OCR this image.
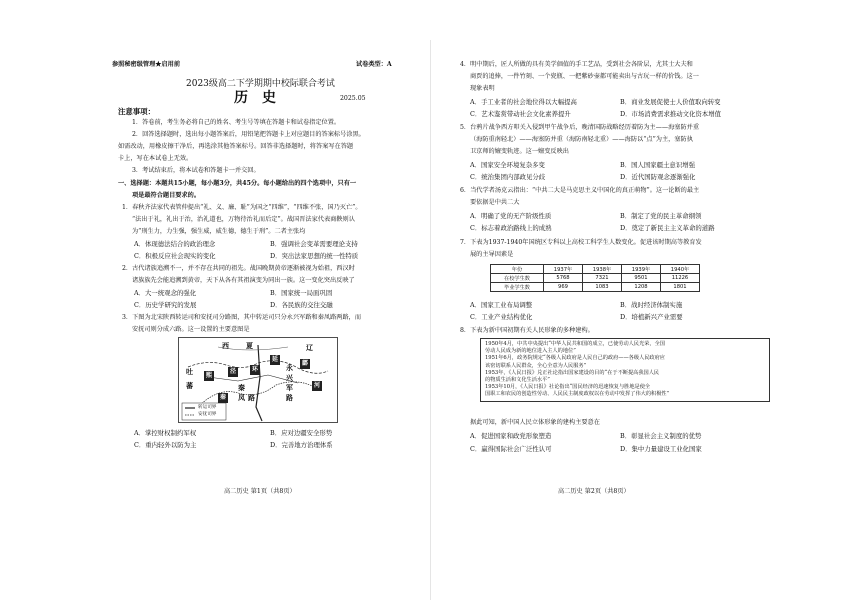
参照秘密级管理★启用前	试卷类型：A
2023级高二下学期期中校际联合考试
历　史	2025.05
注意事项：
1．答卷前，考生务必将自己的姓名、考生号等填在答题卡和试卷指定位置。
2．回答选择题时，选出每小题答案后，用铅笔把答题卡上对应题目的答案标号涂黑。
如需改动，用橡皮擦干净后，再选涂其他答案标号。回答非选择题时，将答案写在答题
卡上，写在本试卷上无效。
3．考试结束后，将本试卷和答题卡一并交回。
一、选择题：本题共15小题，每小题3分，共45分。每小题给出的四个选项中，只有一
项是最符合题目要求的。
1．春秋齐法家代表管仲提出“礼、义、廉、耻”为国之“四维”，“四维不张，国乃灭亡”。
“法出于礼，礼出于治，治礼道也，万物待治礼而后定”。战国晋法家代表商鞅则认
为“刑生力，力生强，强生威，威生德，德生于刑”。二者主张均
A．体现德法结合的政治理念	B．强调社会变革需要理论支持
C．积极反应社会现实的变化	D．突出法家思想的统一性特质
2．古代诸族追溯不一，并不存在共同的祖先。战国晚期黄帝逐渐被视为始祖，西汉时
诸族族先会能追溯到黄帝，天下从各有其祖演变为同出一族。这一变化突出反映了
A．大一统观念的强化	B．国家统一局面巩固
C．历史学研究的发展	D．各民族的交往交融
3．下图为北宋陕西转运司和安抚司分路图，其中转运司只分永兴军路和秦凤路两路，而
安抚司则分成六路。这一设置的主要意图是
西 夏	辽
永
兴
军
路
秦
凤 路
吐
蕃
延
环
鄜
泾
秦
熙
河
转运司界
安抚司界
A．掌控财权制约军权	B．应对边疆安全形势
C．重内轻外以防为主	D．完善地方治理体系
高二历史 第1页（共8页）
4．明中期后，匠人所做的具有美学価值的手工艺品，受到社会各阶层，尤其士大夫和
商贾的追捧，一件竹刻、一个瓷瓶、一把紫砂壶都可能卖出与古玩一样的价钱。这一
现象表明
A．手工业者的社会地位得以大幅提高	B．商业发展促使士人价值取向转变
C．艺术鉴赏带动社会文化素养提升	D．市场消费需求推动文化资本增值
5．台鸦片战争西方叩关入侵到甲午战争后，晚清国防战略经历着防为主——海塞防并重
（海防重南轻北）——海塞防并重（海防南轻北重）——海防以“点”为主，塞防执
卫京师的嬗变轨迹。这一嬗变反映出
A．国家安全环境复杂多变	B．国人国家疆土意识增强
C．统治集团内部政见分歧	D．近代国防观念逐渐强化
6．当代学者汤克云指出：“中共二大是马克思主义中国化的真正萌物”。这一论断的最主
要依据是中共二大
A．明确了党的无产阶级性质	B．制定了党的民主革命纲领
C．标志着政治路线上的成熟	D．奠定了新民主主义革命的道路
7．下表为1937-1940年国统区专科以上高校工科学生人数变化。促进该时期高等教育发
展的主导因素是
年份	1937年	1938年	1939年	1940年
在校学生数	5768	7321	9501	11226
毕业学生数	969	1083	1208	1801
A．国家工业布局调整	B．战时经济体制实施
C．工业产业结构优化	D．培植新兴产业需要
8．下表为新中国初期有关人民形象的多种建构。
1950年4月，中共中央提出“中华人民共和国的成立，已使劳动人民光荣，全国
劳动人民成为新的地位进入主人的地位”
1951年6月，政务院规定“各级人民政府是人民自己的政府——各级人民政府应
该密切联系人民群众，全心全意为人民服务”
1953年，《人民日报》兑正社论指出国家建设的目的“在于不断提高我国人民
的物质生活和文化生活水平”
1953年10月，《人民日报》社论指出“国民经济的迅速恢复与胜地是使全
国职工和农民的创造性劳动、人民民主制度政权以在劳动中发挥了伟大的积极性”
据此可知，新中国人民立体形象的建构主要意在
A．促进国家和政党形象塑造	B．彰显社会主义制度的优势
C．赢得国际社会广泛性认可	D．集中力量建设工业化国家
高二历史 第2页（共8页）
